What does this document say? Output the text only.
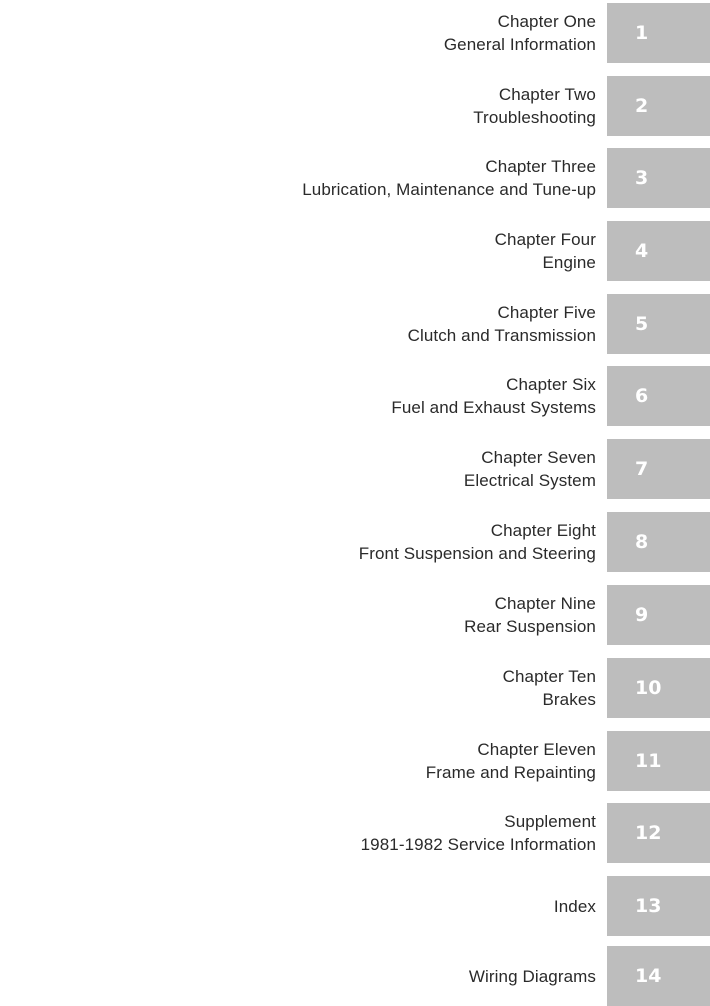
Chapter One
General Information
1
Chapter Two
Troubleshooting
2
Chapter Three
Lubrication, Maintenance and Tune-up
3
Chapter Four
Engine
4
Chapter Five
Clutch and Transmission
5
Chapter Six
Fuel and Exhaust Systems
6
Chapter Seven
Electrical System
7
Chapter Eight
Front Suspension and Steering
8
Chapter Nine
Rear Suspension
9
Chapter Ten
Brakes
10
Chapter Eleven
Frame and Repainting
11
Supplement
1981-1982 Service Information
12
Index 13
Wiring Diagrams 14
